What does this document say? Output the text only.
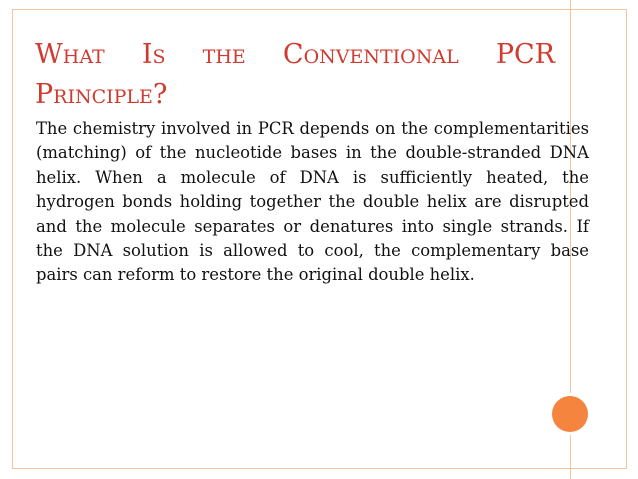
What Is the Conventional PCR Principle?

The chemistry involved in PCR depends on the complementarities (matching) of the nucleotide bases in the double-stranded DNA helix. When a molecule of DNA is sufficiently heated, the hydrogen bonds holding together the double helix are disrupted and the molecule separates or denatures into single strands. If the DNA solution is allowed to cool, the complementary base pairs can reform to restore the original double helix.
